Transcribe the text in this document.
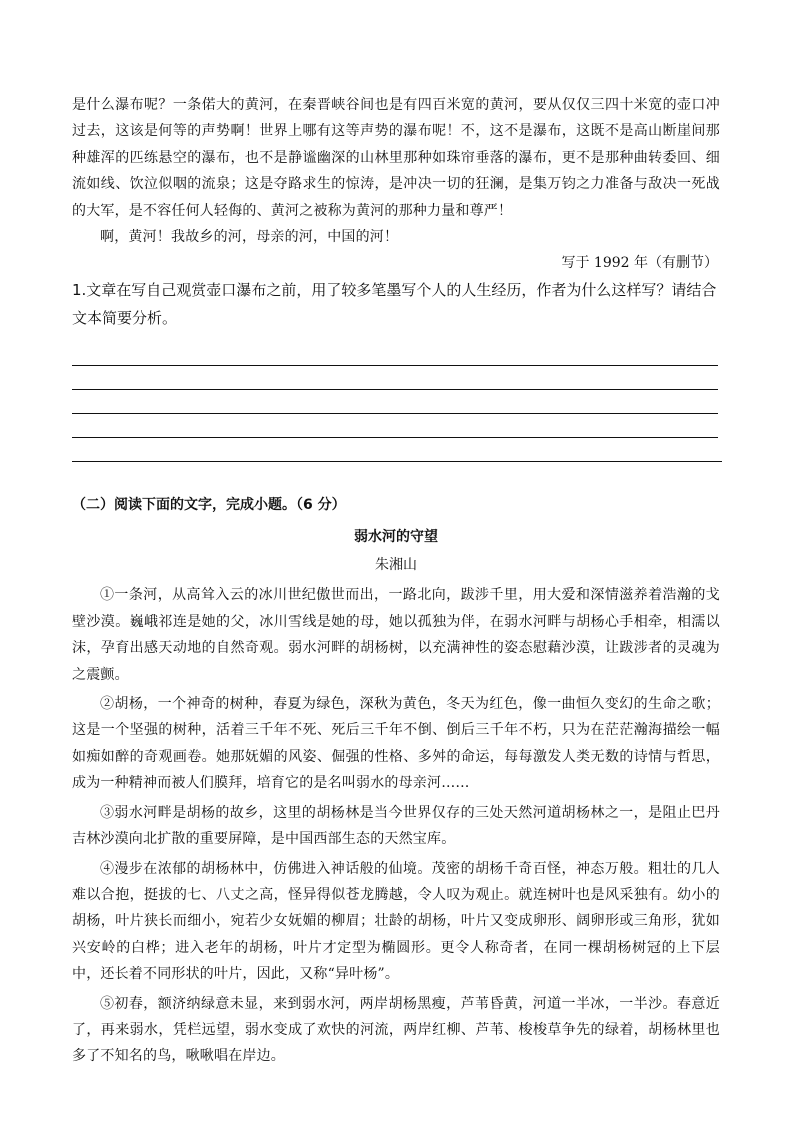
是什么瀑布呢？一条偌大的黄河，在秦晋峡谷间也是有四百米宽的黄河，要从仅仅三四十米宽的壶口冲过去，这该是何等的声势啊！世界上哪有这等声势的瀑布呢！不，这不是瀑布，这既不是高山断崖间那种雄浑的匹练悬空的瀑布，也不是静谧幽深的山林里那种如珠帘垂落的瀑布，更不是那种曲转委回、细流如线、饮泣似咽的流泉；这是夺路求生的惊涛，是冲决一切的狂澜，是集万钧之力准备与敌决一死战的大军，是不容任何人轻侮的、黄河之被称为黄河的那种力量和尊严！

啊，黄河！我故乡的河，母亲的河，中国的河！

写于 1992 年（有删节）

1.文章在写自己观赏壶口瀑布之前，用了较多笔墨写个人的人生经历，作者为什么这样写？请结合文本简要分析。

（二）阅读下面的文字，完成小题。（6 分）

弱水河的守望

朱湘山

①一条河，从高耸入云的冰川世纪傲世而出，一路北向，跋涉千里，用大爱和深情滋养着浩瀚的戈壁沙漠。巍峨祁连是她的父，冰川雪线是她的母，她以孤独为伴，在弱水河畔与胡杨心手相牵，相濡以沫，孕育出感天动地的自然奇观。弱水河畔的胡杨树，以充满神性的姿态慰藉沙漠，让跋涉者的灵魂为之震颤。

②胡杨，一个神奇的树种，春夏为绿色，深秋为黄色，冬天为红色，像一曲恒久变幻的生命之歌；这是一个坚强的树种，活着三千年不死、死后三千年不倒、倒后三千年不朽，只为在茫茫瀚海描绘一幅如痴如醉的奇观画卷。她那妩媚的风姿、倔强的性格、多舛的命运，每每激发人类无数的诗情与哲思，成为一种精神而被人们膜拜，培育它的是名叫弱水的母亲河……

③弱水河畔是胡杨的故乡，这里的胡杨林是当今世界仅存的三处天然河道胡杨林之一，是阻止巴丹吉林沙漠向北扩散的重要屏障，是中国西部生态的天然宝库。

④漫步在浓郁的胡杨林中，仿佛进入神话般的仙境。茂密的胡杨千奇百怪，神态万般。粗壮的几人难以合抱，挺拔的七、八丈之高，怪异得似苍龙腾越，令人叹为观止。就连树叶也是风采独有。幼小的胡杨，叶片狭长而细小，宛若少女妩媚的柳眉；壮龄的胡杨，叶片又变成卵形、阔卵形或三角形，犹如兴安岭的白桦；进入老年的胡杨，叶片才定型为椭圆形。更令人称奇者，在同一棵胡杨树冠的上下层中，还长着不同形状的叶片，因此，又称“异叶杨”。

⑤初春，额济纳绿意未显，来到弱水河，两岸胡杨黑瘦，芦苇昏黄，河道一半冰，一半沙。春意近了，再来弱水，凭栏远望，弱水变成了欢快的河流，两岸红柳、芦苇、梭梭草争先的绿着，胡杨林里也多了不知名的鸟，啾啾唱在岸边。
